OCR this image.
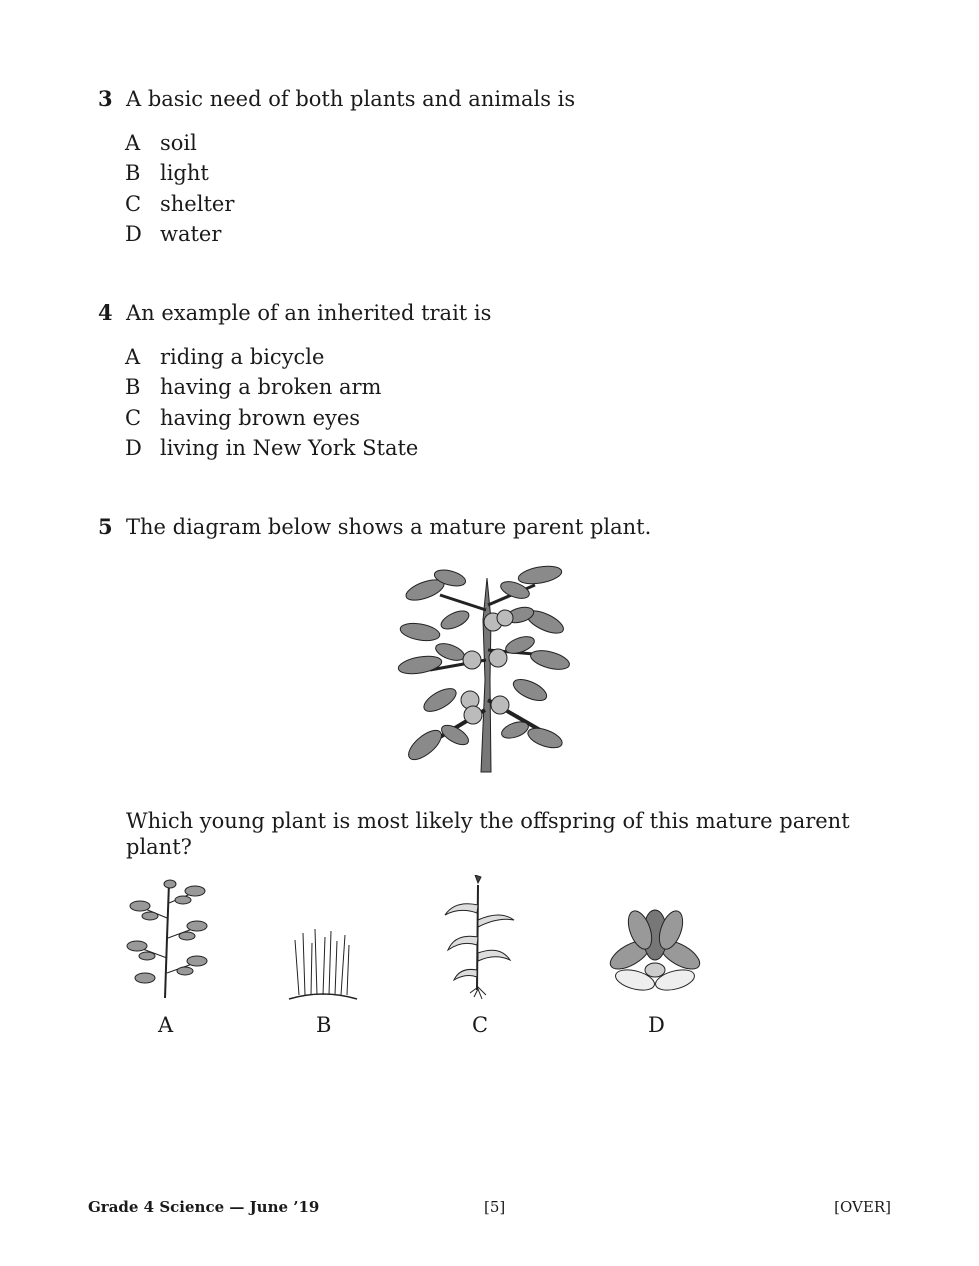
3 A basic need of both plants and animals is
A soil
B light
C shelter
D water
4 An example of an inherited trait is
A riding a bicycle
B having a broken arm
C having brown eyes
D living in New York State
5 The diagram below shows a mature parent plant.
Which young plant is most likely the offspring of this mature parent plant?
A	B	C	D
Grade 4 Science — June ’19	[5]	[OVER]
